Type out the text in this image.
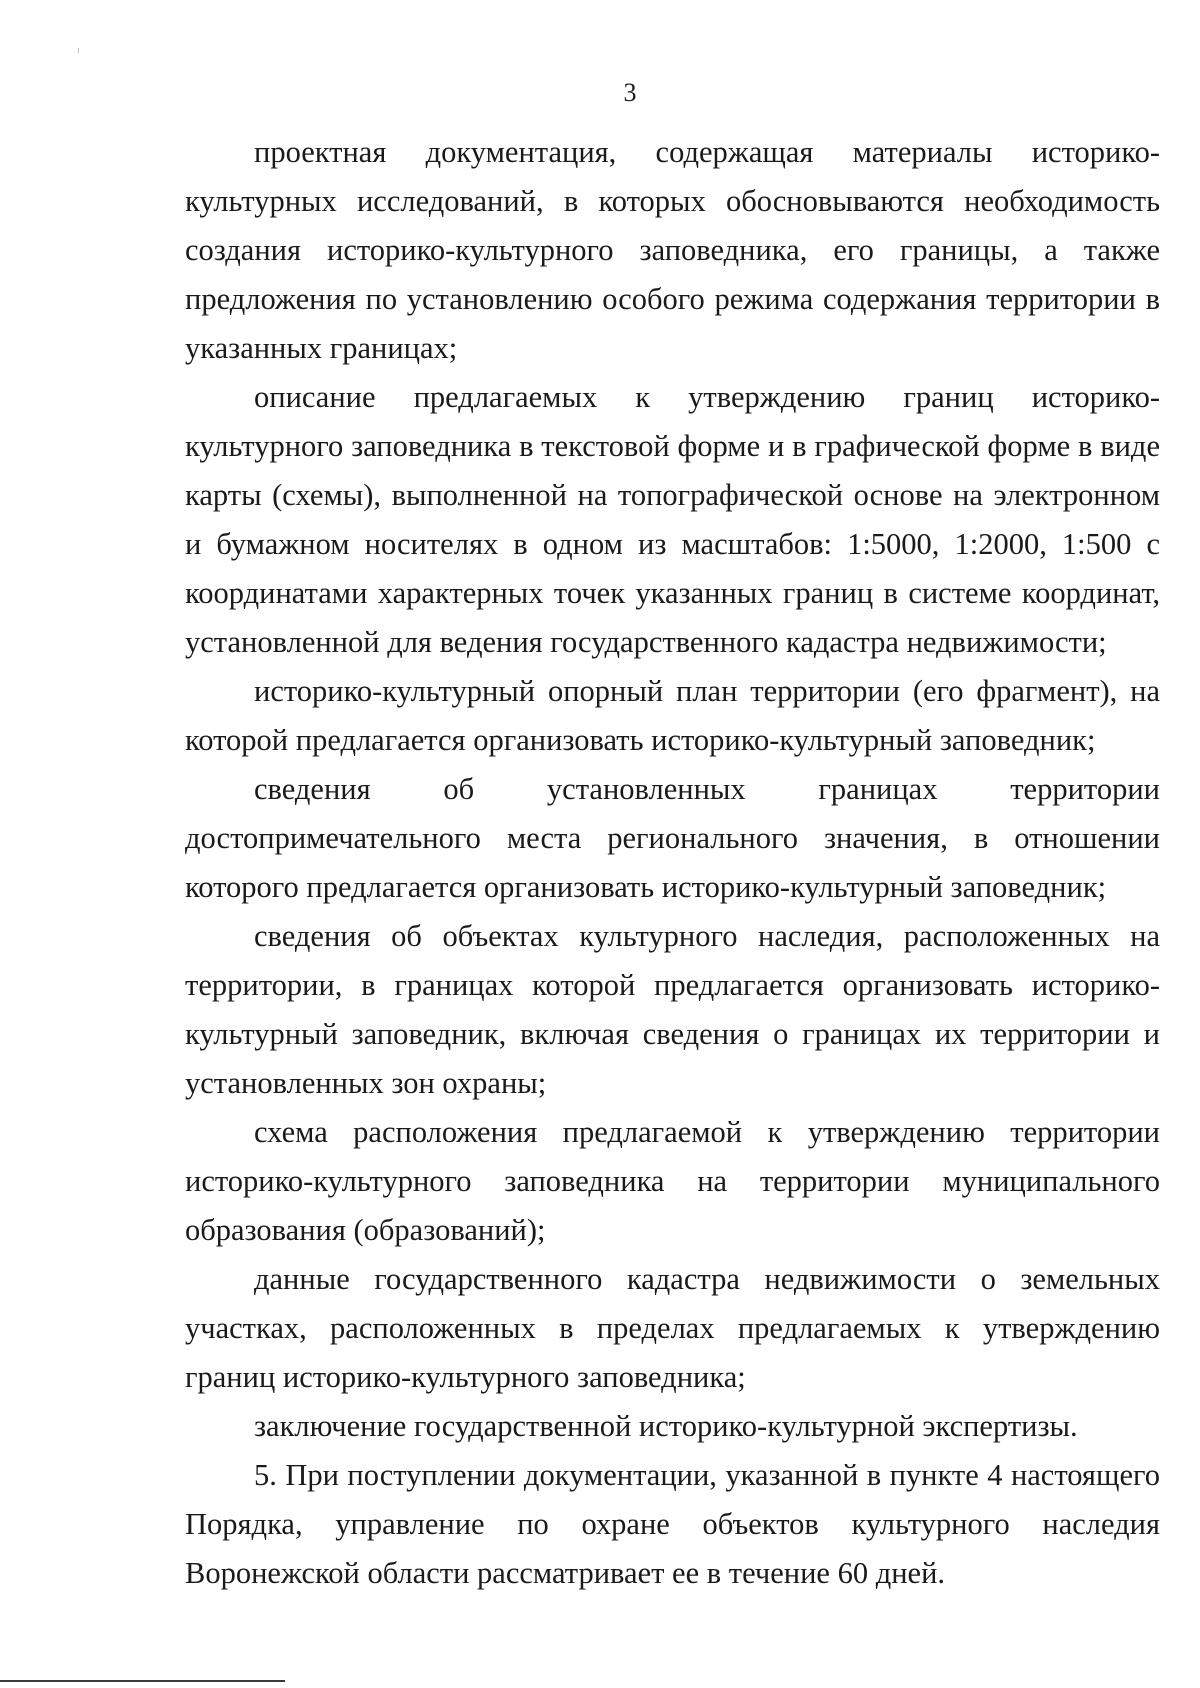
3

проектная документация, содержащая материалы историко-культурных исследований, в которых обосновываются необходимость создания историко-культурного заповедника, его границы, а также предложения по установлению особого режима содержания территории в указанных границах;

описание предлагаемых к утверждению границ историко-культурного заповедника в текстовой форме и в графической форме в виде карты (схемы), выполненной на топографической основе на электронном и бумажном носителях в одном из масштабов: 1:5000, 1:2000, 1:500 с координатами характерных точек указанных границ в системе координат, установленной для ведения государственного кадастра недвижимости;

историко-культурный опорный план территории (его фрагмент), на которой предлагается организовать историко-культурный заповедник;

сведения об установленных границах территории достопримечательного места регионального значения, в отношении которого предлагается организовать историко-культурный заповедник;

сведения об объектах культурного наследия, расположенных на территории, в границах которой предлагается организовать историко-культурный заповедник, включая сведения о границах их территории и установленных зон охраны;

схема расположения предлагаемой к утверждению территории историко-культурного заповедника на территории муниципального образования (образований);

данные государственного кадастра недвижимости о земельных участках, расположенных в пределах предлагаемых к утверждению границ историко-культурного заповедника;

заключение государственной историко-культурной экспертизы.

5. При поступлении документации, указанной в пункте 4 настоящего Порядка, управление по охране объектов культурного наследия Воронежской области рассматривает ее в течение 60 дней.
